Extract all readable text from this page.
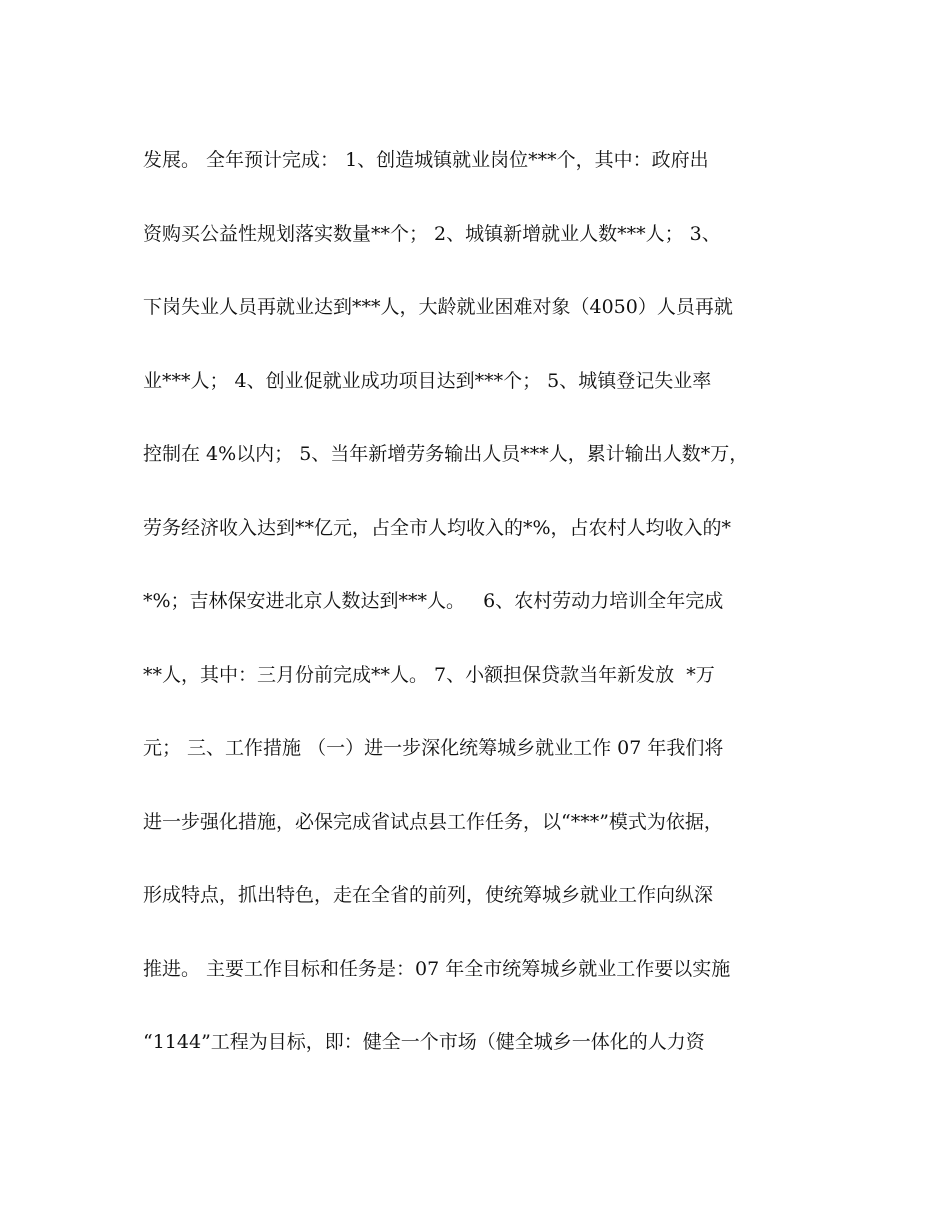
发展。 全年预计完成： 1、创造城镇就业岗位***个，其中：政府出
资购买公益性规划落实数量**个； 2、城镇新增就业人数***人； 3、
下岗失业人员再就业达到***人，大龄就业困难对象（4050）人员再就
业***人； 4、创业促就业成功项目达到***个； 5、城镇登记失业率
控制在 4%以内； 5、当年新增劳务输出人员***人，累计输出人数*万，
劳务经济收入达到**亿元，占全市人均收入的*%，占农村人均收入的*
*%；吉林保安进北京人数达到***人。   6、农村劳动力培训全年完成
**人，其中：三月份前完成**人。 7、小额担保贷款当年新发放  *万
元； 三、工作措施 （一）进一步深化统筹城乡就业工作 07 年我们将
进一步强化措施，必保完成省试点县工作任务，以“***”模式为依据，
形成特点，抓出特色，走在全省的前列，使统筹城乡就业工作向纵深
推进。 主要工作目标和任务是：07 年全市统筹城乡就业工作要以实施
“1144”工程为目标，即：健全一个市场（健全城乡一体化的人力资
